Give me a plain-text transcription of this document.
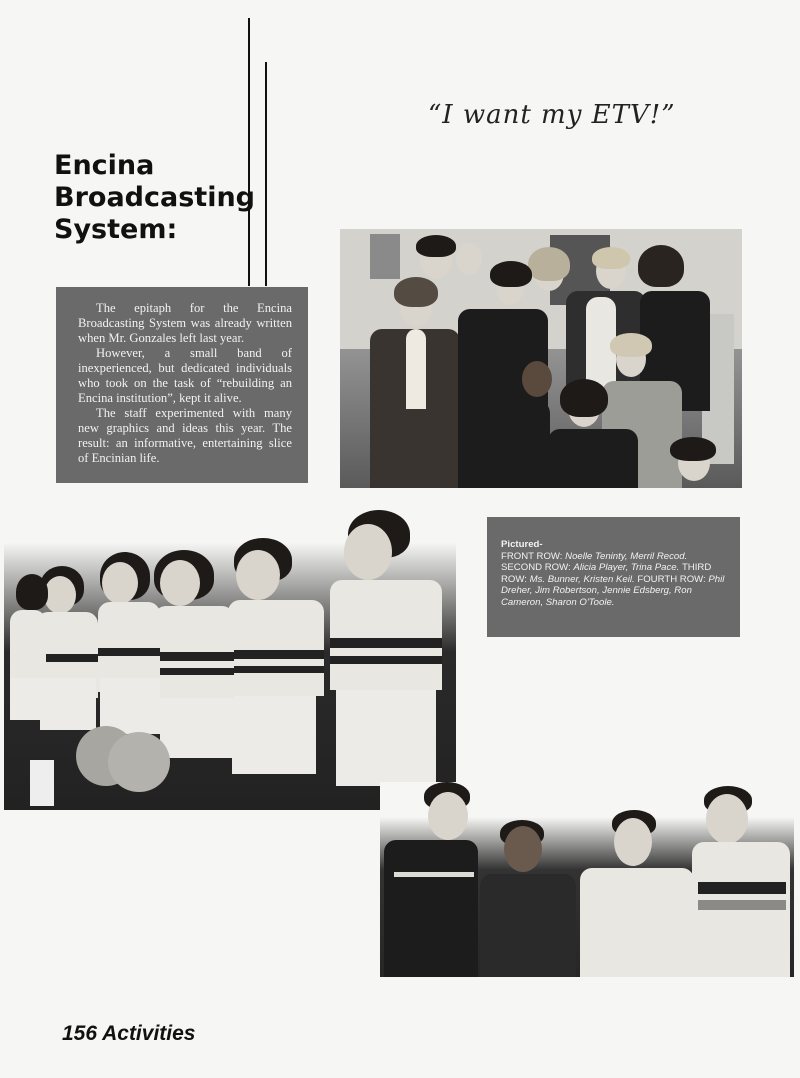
Encina
Broadcasting
System:
“I want my ETV!”

The epitaph for the Encina Broadcasting System was already written when Mr. Gonzales left last year.

However, a small band of inexperienced, but dedicated individuals who took on the task of “rebuilding an Encina institution”, kept it alive.

The staff experimented with many new graphics and ideas this year. The result: an informative, entertaining slice of Encinian life.

Pictured-
FRONT ROW: Noelle Teninty, Merril Recod. SECOND ROW: Alicia Player, Trina Pace. THIRD ROW: Ms. Bunner, Kristen Keil. FOURTH ROW: Phil Dreher, Jim Robertson, Jennie Edsberg, Ron Cameron, Sharon O'Toole.
156 Activities
